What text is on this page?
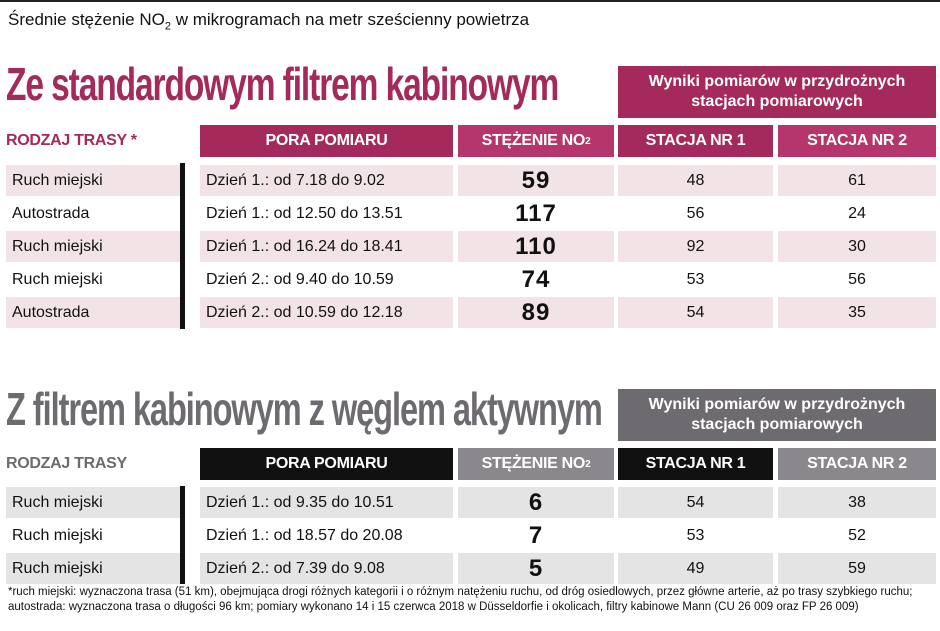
Średnie stężenie $NO_2$ w mikrogramach na metr sześcienny powietrza
Ze standardowym filtrem kabinowym	Wyniki pomiarów w przydrożnych stacjach pomiarowych
RODZAJ TRASY *	PORA POMIARU	STĘŻENIE NO 2	STACJA NR 1	STACJA NR 2
Ruch miejski	Dzień 1.: od 7.18 do 9.02	59	48	61
Autostrada	Dzień 1.: od 12.50 do 13.51	117	56	24
Ruch miejski	Dzień 1.: od 16.24 do 18.41	110	92	30
Ruch miejski	Dzień 2.: od 9.40 do 10.59	74	53	56
Autostrada	Dzień 2.: od 10.59 do 12.18	89	54	35
Z filtrem kabinowym z węglem aktywnym	Wyniki pomiarów w przydrożnych stacjach pomiarowych
RODZAJ TRASY	PORA POMIARU	STĘŻENIE NO 2	STACJA NR 1	STACJA NR 2
Ruch miejski	Dzień 1.: od 9.35 do 10.51	6	54	38
Ruch miejski	Dzień 1.: od 18.57 do 20.08	7	53	52
Ruch miejski	Dzień 2.: od 7.39 do 9.08	5	49	59
*ruch miejski: wyznaczona trasa (51 km), obejmująca drogi różnych kategorii i o różnym natężeniu ruchu, od dróg osiedlowych, przez główne arterie, aż po trasy szybkiego ruchu; autostrada: wyznaczona trasa o długości 96 km; pomiary wykonano 14 i 15 czerwca 2018 w Düsseldorfie i okolicach, filtry kabinowe Mann (CU 26 009 oraz FP 26 009)
